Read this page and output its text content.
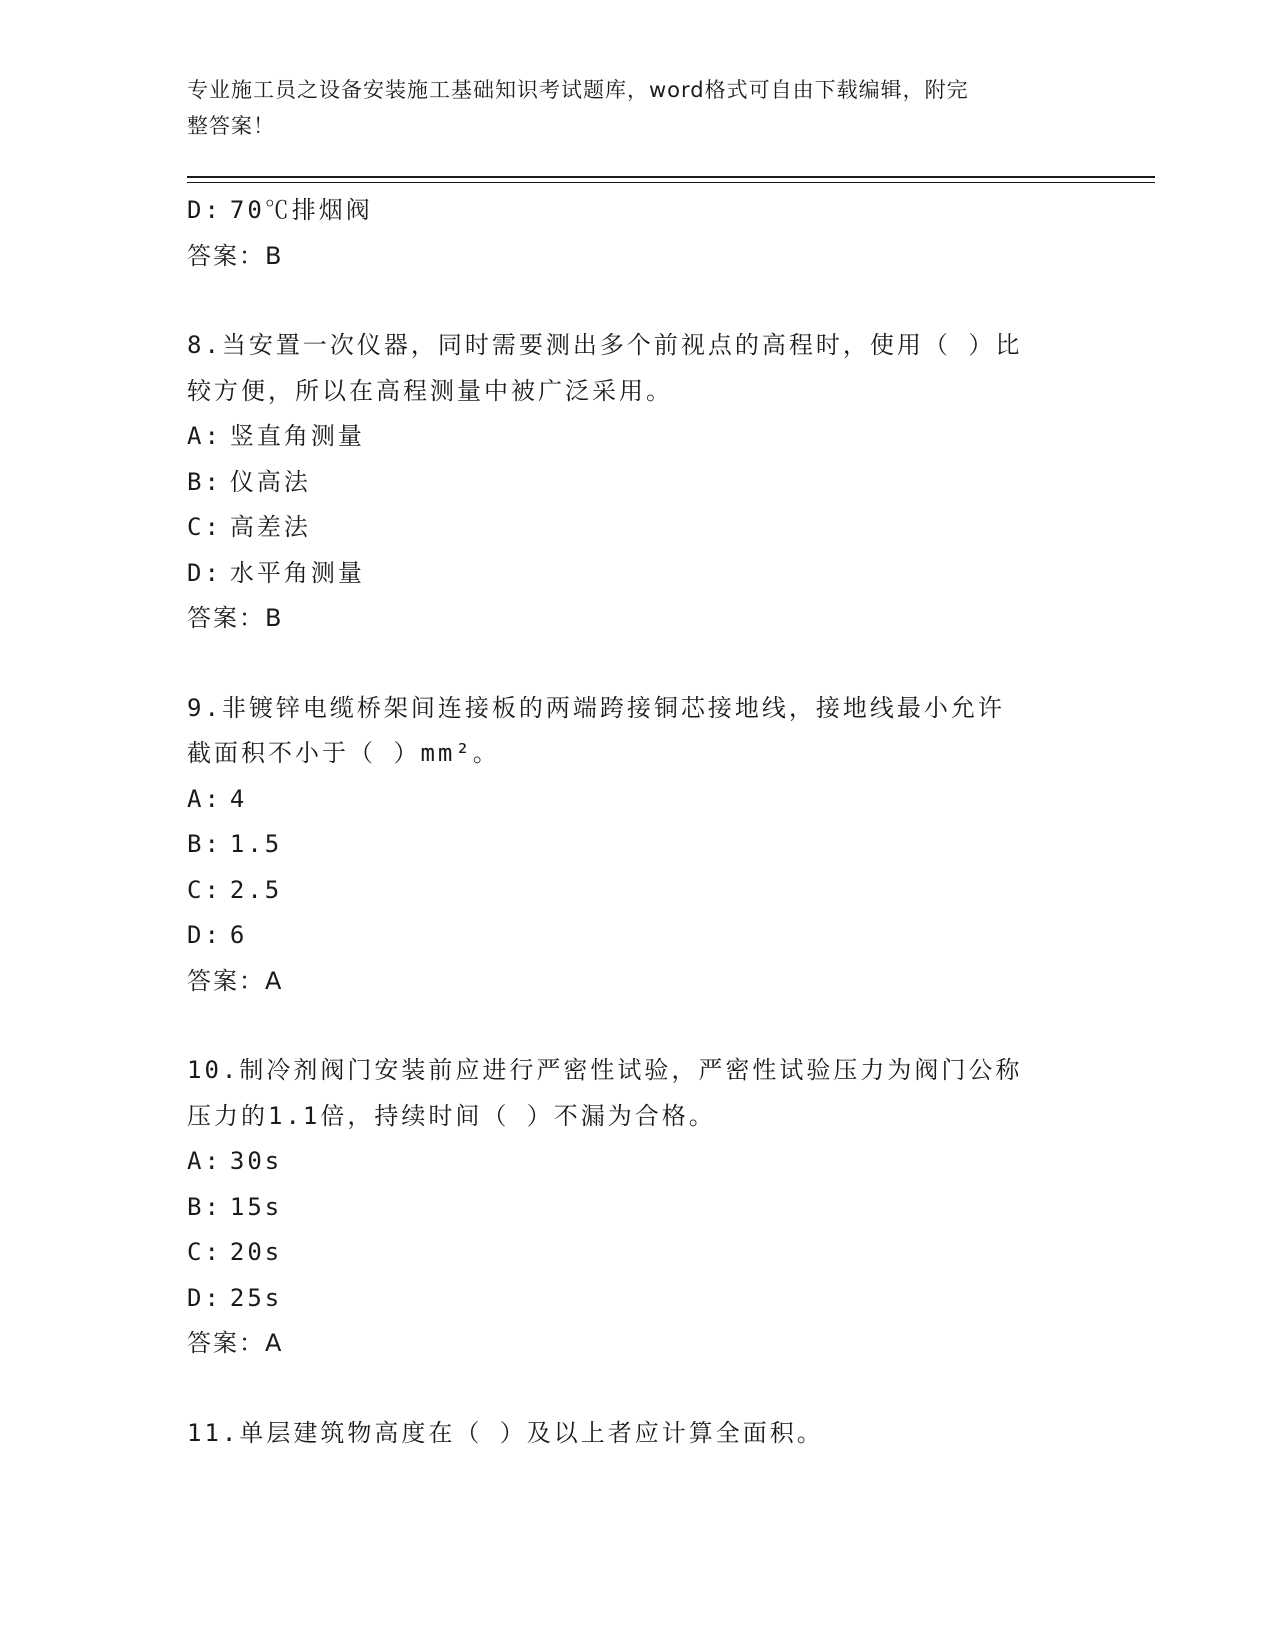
专业施工员之设备安装施工基础知识考试题库，word格式可自由下载编辑，附完
整答案！
D: 70℃排烟阀
答案：B
8.当安置一次仪器，同时需要测出多个前视点的高程时，使用（ ）比
较方便，所以在高程测量中被广泛采用。
A: 竖直角测量
B: 仪高法
C: 高差法
D: 水平角测量
答案：B
9.非镀锌电缆桥架间连接板的两端跨接铜芯接地线，接地线最小允许
截面积不小于（ ）mm²。
A: 4
B: 1.5
C: 2.5
D: 6
答案：A
10.制冷剂阀门安装前应进行严密性试验，严密性试验压力为阀门公称
压力的1.1倍，持续时间（ ）不漏为合格。
A: 30s
B: 15s
C: 20s
D: 25s
答案：A
11.单层建筑物高度在（ ）及以上者应计算全面积。
